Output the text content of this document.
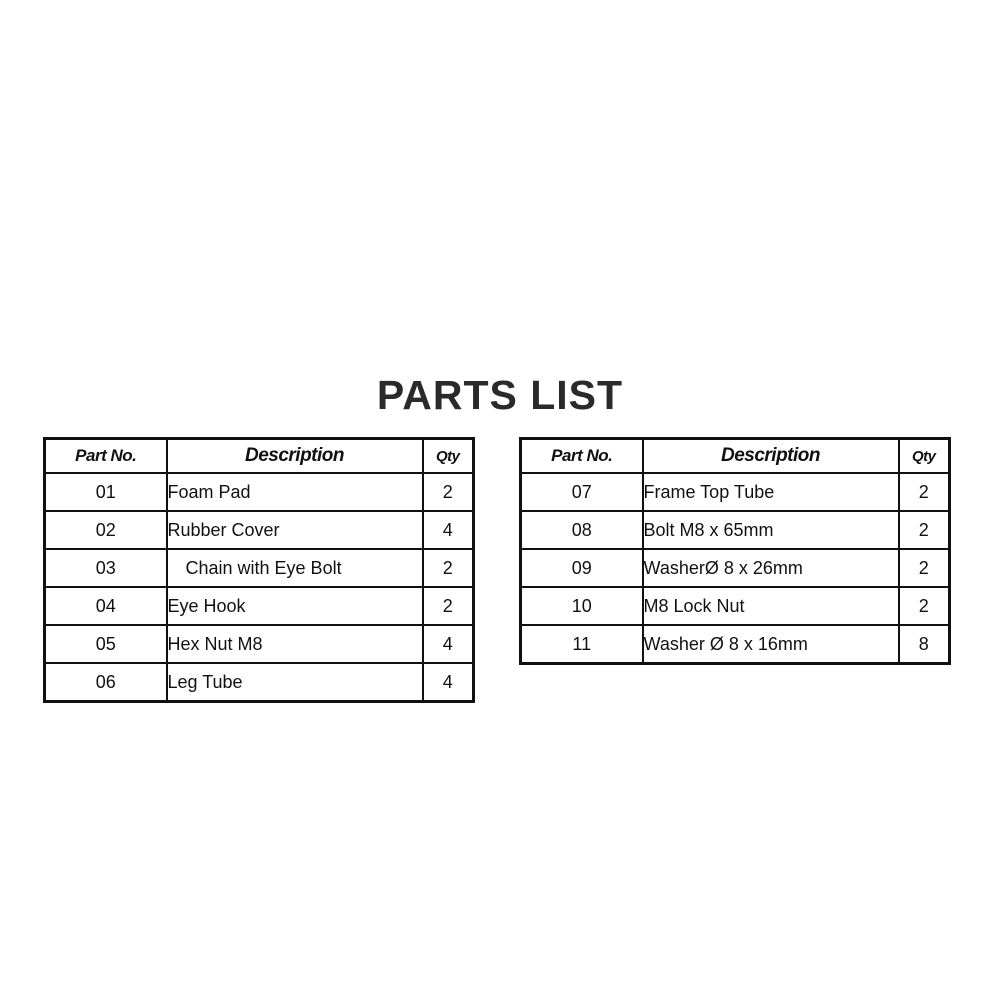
PARTS LIST
Part No.	Description	Qty
01	Foam Pad	2
02	Rubber Cover	4
03	Chain with Eye Bolt	2
04	Eye Hook	2
05	Hex Nut M8	4
06	Leg Tube	4
Part No.	Description	Qty
07	Frame Top Tube	2
08	Bolt M8 x 65mm	2
09	WasherØ 8 x 26mm	2
10	M8 Lock Nut	2
11	Washer Ø 8 x 16mm	8
